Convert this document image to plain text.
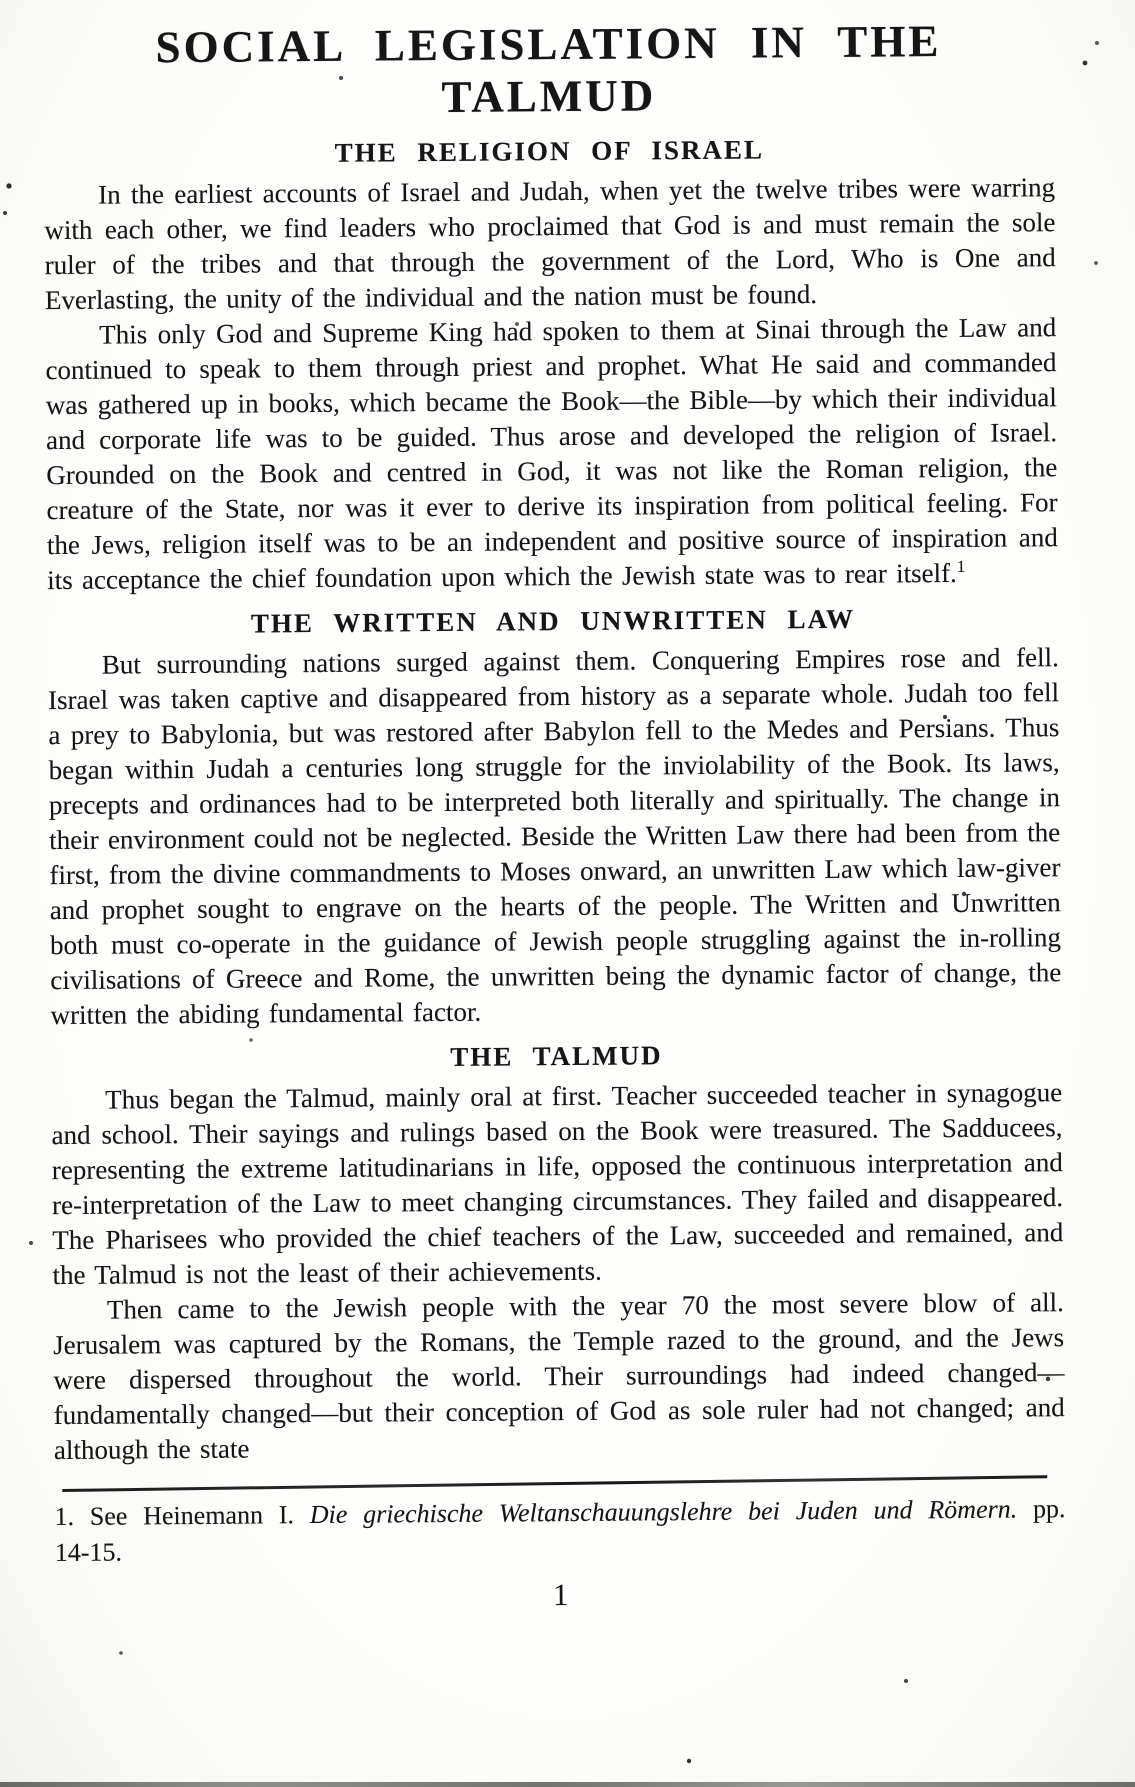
SOCIAL LEGISLATION IN THE TALMUD
THE RELIGION OF ISRAEL

In the earliest accounts of Israel and Judah, when yet the twelve tribes were warring with each other, we find leaders who proclaimed that God is and must remain the sole ruler of the tribes and that through the government of the Lord, Who is One and Everlasting, the unity of the individual and the nation must be found.

This only God and Supreme King had spoken to them at Sinai through the Law and continued to speak to them through priest and prophet. What He said and commanded was gathered up in books, which became the Book—the Bible—by which their individual and corporate life was to be guided. Thus arose and developed the religion of Israel. Grounded on the Book and centred in God, it was not like the Roman religion, the creature of the State, nor was it ever to derive its inspiration from political feeling. For the Jews, religion itself was to be an independent and positive source of inspiration and its acceptance the chief foundation upon which the Jewish state was to rear itself.$^1$

THE WRITTEN AND UNWRITTEN LAW

But surrounding nations surged against them. Conquering Empires rose and fell. Israel was taken captive and disappeared from history as a separate whole. Judah too fell a prey to Babylonia, but was restored after Babylon fell to the Medes and Persians. Thus began within Judah a centuries long struggle for the inviolability of the Book. Its laws, precepts and ordinances had to be interpreted both literally and spiritually. The change in their environment could not be neglected. Beside the Written Law there had been from the first, from the divine commandments to Moses onward, an unwritten Law which law-giver and prophet sought to engrave on the hearts of the people. The Written and Unwritten both must co-operate in the guidance of Jewish people struggling against the in-rolling civilisations of Greece and Rome, the unwritten being the dynamic factor of change, the written the abiding fundamental factor.

THE TALMUD

Thus began the Talmud, mainly oral at first. Teacher succeeded teacher in synagogue and school. Their sayings and rulings based on the Book were treasured. The Sadducees, representing the extreme latitudinarians in life, opposed the continuous interpretation and re-interpretation of the Law to meet changing circumstances. They failed and disappeared. The Pharisees who provided the chief teachers of the Law, succeeded and remained, and the Talmud is not the least of their achievements.

Then came to the Jewish people with the year 70 the most severe blow of all. Jerusalem was captured by the Romans, the Temple razed to the ground, and the Jews were dispersed throughout the world. Their surroundings had indeed changed—fundamentally changed—but their conception of God as sole ruler had not changed; and although the state

1. See Heinemann I. Die griechische Weltanschauungslehre bei Juden und Römern. pp. 14-15.

1
